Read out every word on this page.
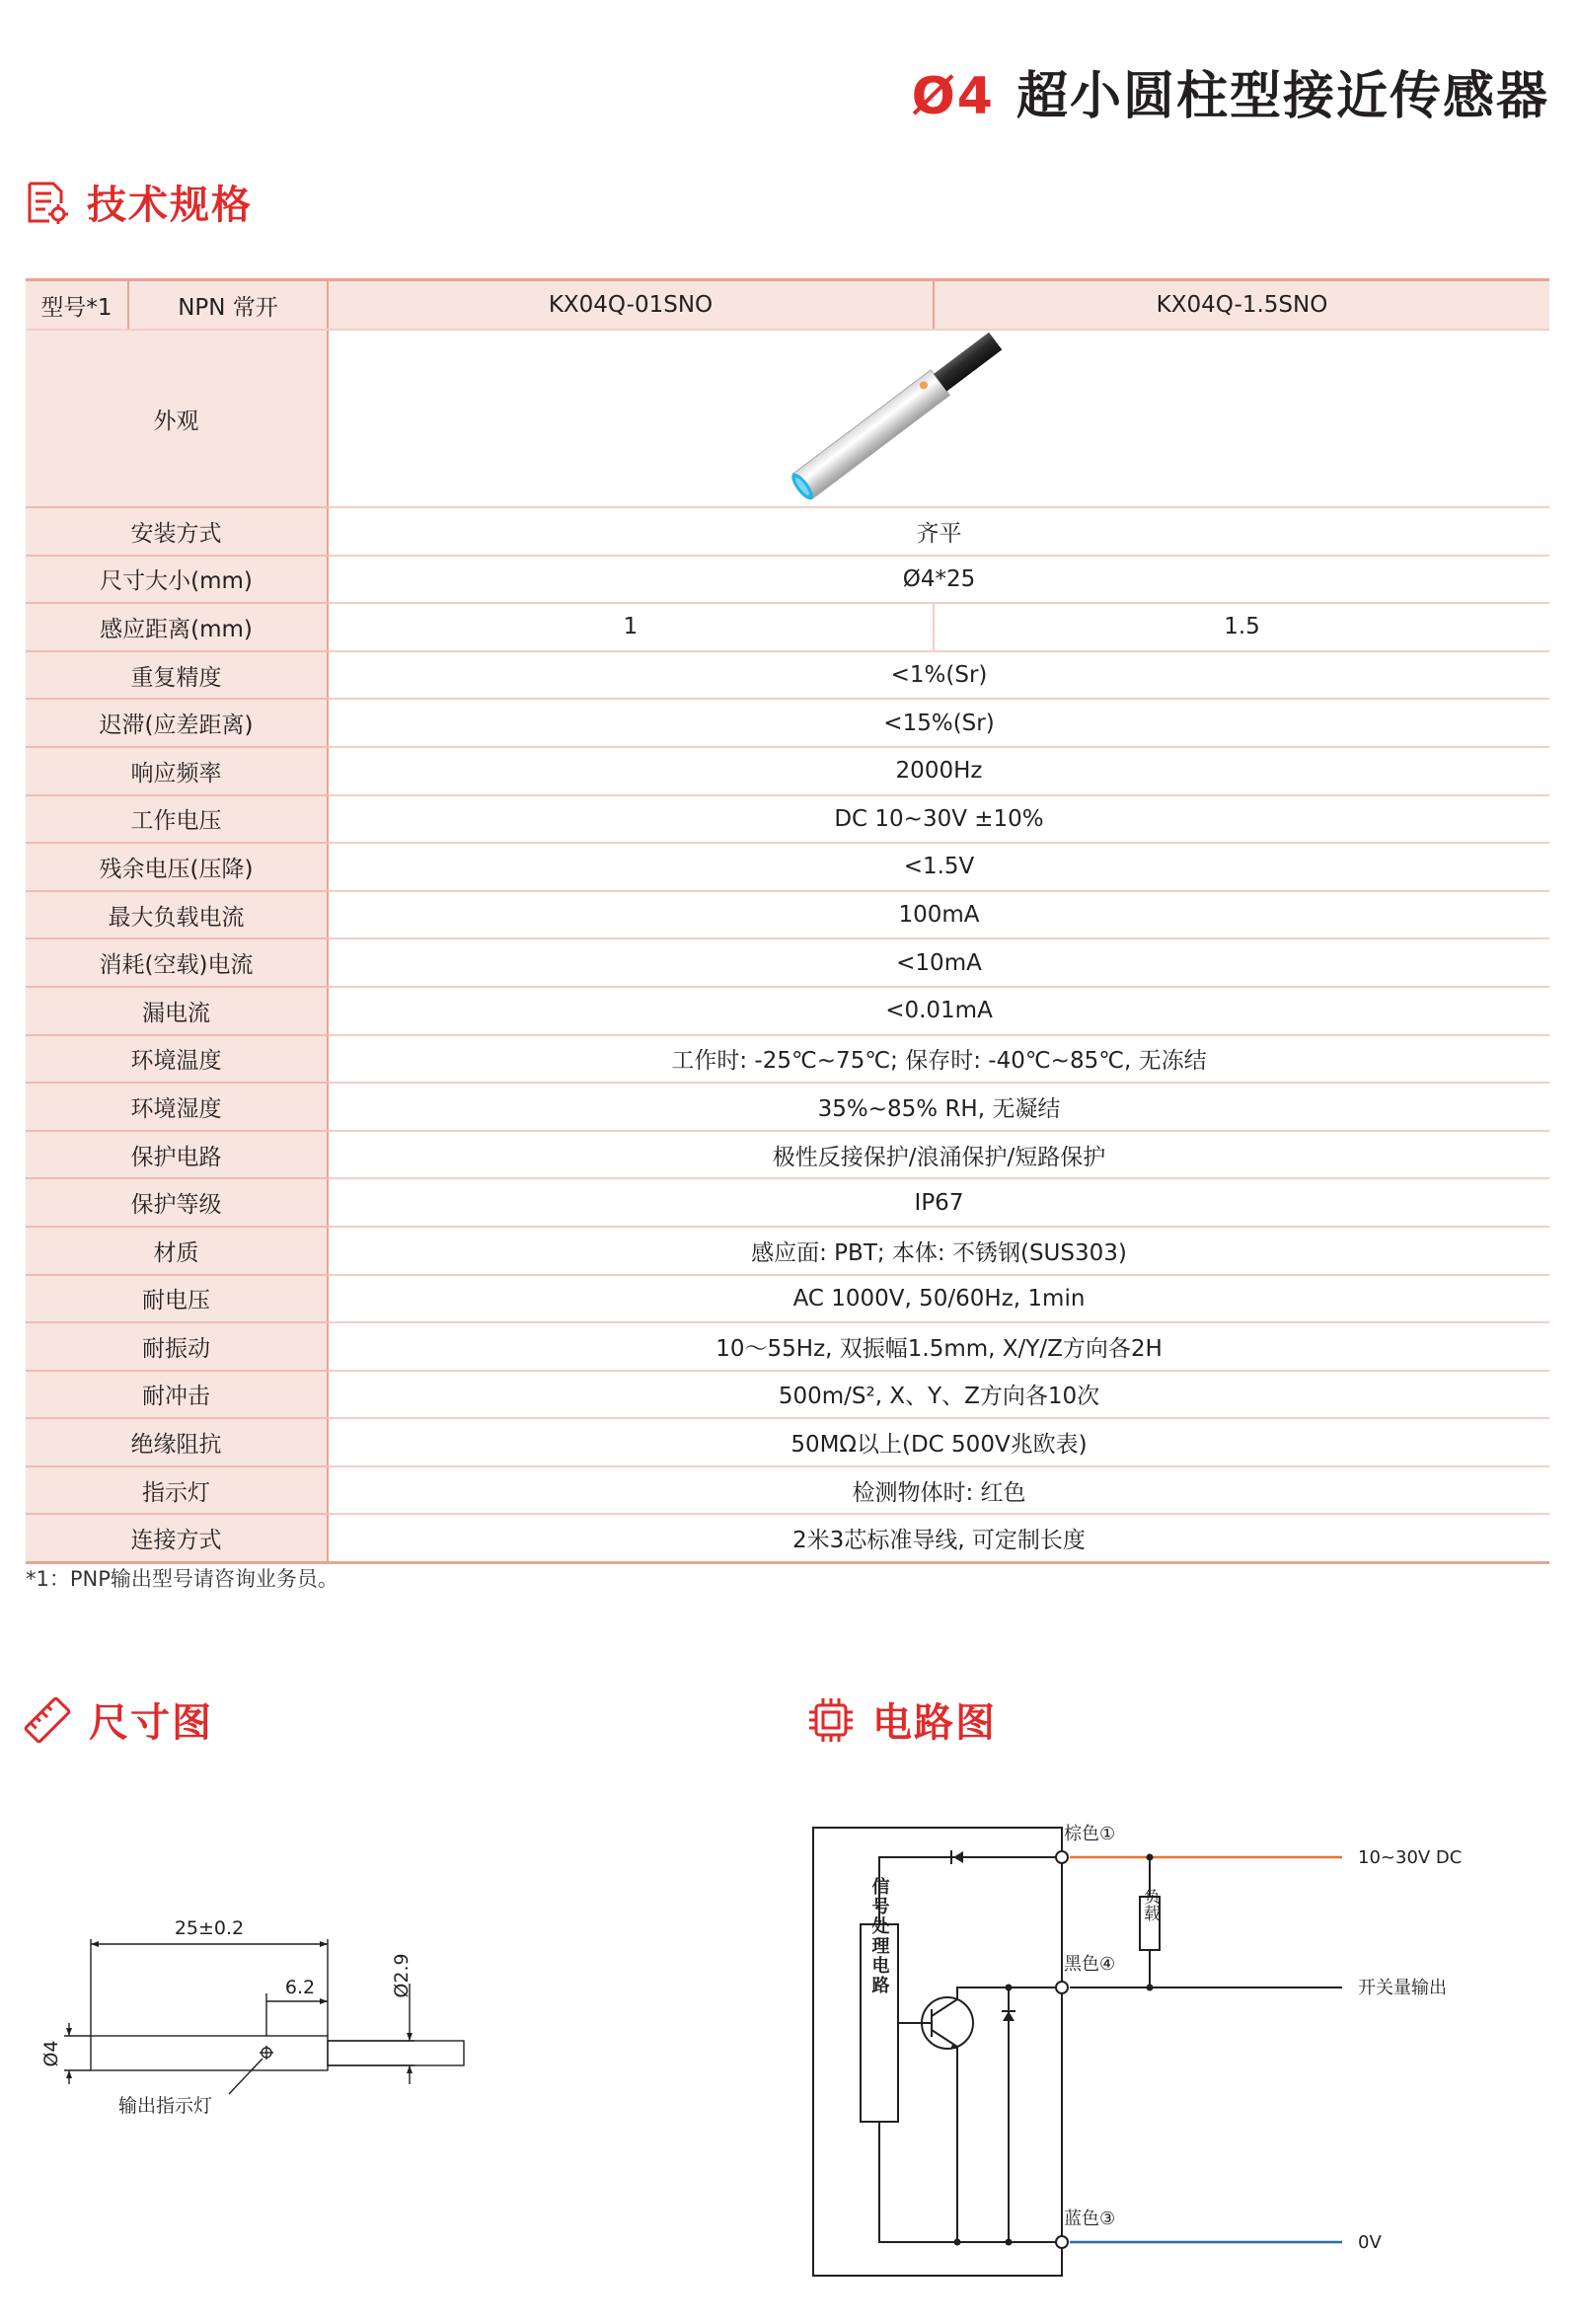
Ø4 超小圆柱型接近传感器
技术规格
型号*1	NPN 常开	KX04Q-01SNO	KX04Q-1.5SNO
外观	
安装方式		齐平	
尺寸大小(mm)		Ø4*25	
感应距离(mm)		1	1.5
重复精度		<1%(Sr)	
迟滞(应差距离)		<15%(Sr)	
响应频率		2000Hz	
工作电压		DC 10~30V ±10%	
残余电压(压降)		<1.5V	
最大负载电流		100mA	
消耗(空载)电流		<10mA	
漏电流		<0.01mA	
环境温度		工作时: -25℃~75℃; 保存时: -40℃~85℃, 无冻结	
环境湿度		35%~85% RH, 无凝结	
保护电路		极性反接保护/浪涌保护/短路保护	
保护等级		IP67	
材质		感应面: PBT; 本体: 不锈钢(SUS303)	
耐电压		AC 1000V, 50/60Hz, 1min	
耐振动		10～55Hz, 双振幅1.5mm, X/Y/Z方向各2H	
耐冲击		500m/S², X、Y、Z方向各10次	
绝缘阻抗		50MΩ以上(DC 500V兆欧表)	
指示灯		检测物体时: 红色	
连接方式		2米3芯标准导线, 可定制长度	

*1：PNP输出型号请咨询业务员。

尺寸图	电路图
25±0.2
6.2	Ø2.9
Ø4
输出指示灯
棕色①
黑色④
蓝色③
10~30V DC
开关量输出
0V
负载
信号处理电路
